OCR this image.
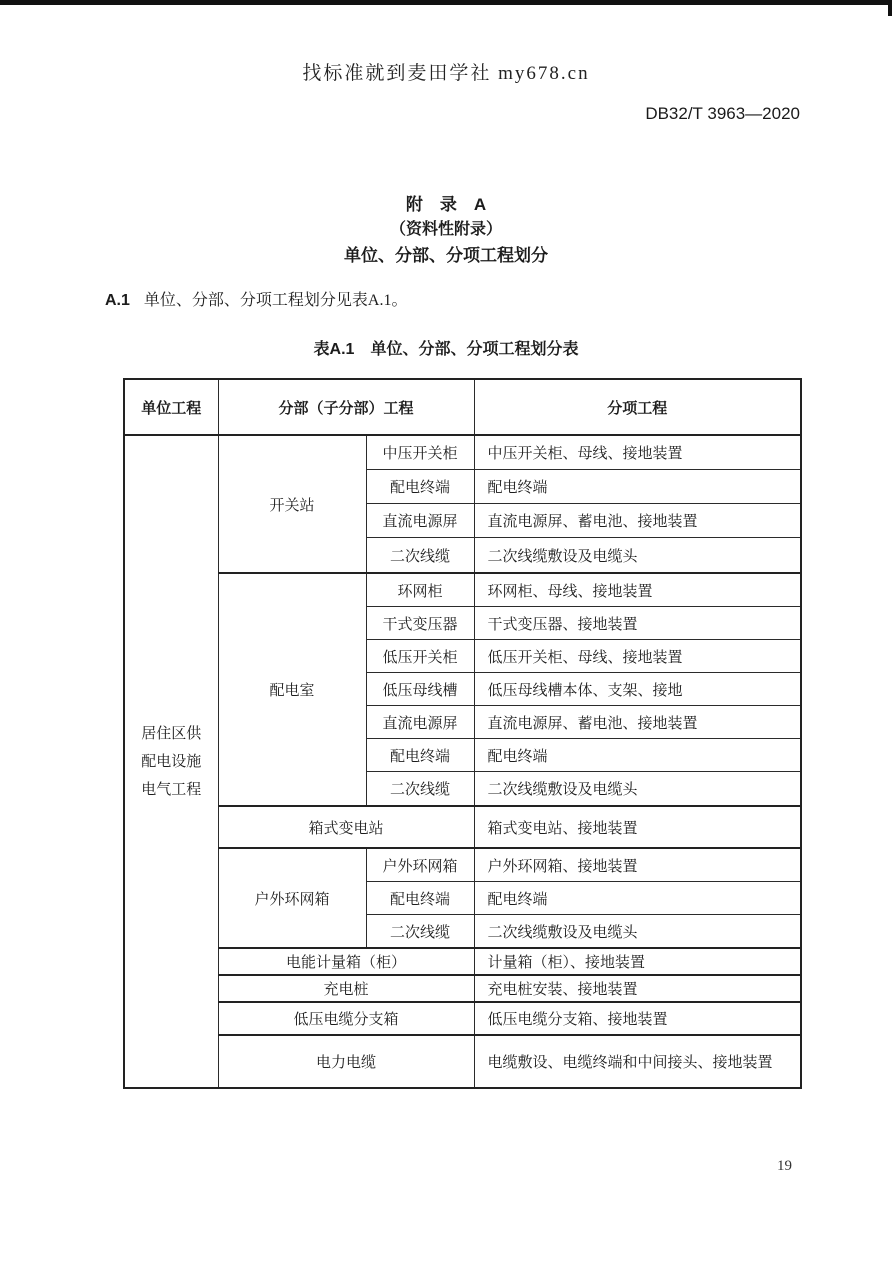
找标准就到麦田学社 my678.cn
DB32/T 3963—2020
附　录　A
（资料性附录）
单位、分部、分项工程划分
A.1 单位、分部、分项工程划分见表A.1。
表A.1　单位、分部、分项工程划分表
单位工程	分部（子分部）工程		分项工程
居住区供配电设施电气工程	开关站	中压开关柜	中压开关柜、母线、接地装置
		配电终端	配电终端
		直流电源屏	直流电源屏、蓄电池、接地装置
		二次线缆	二次线缆敷设及电缆头
	配电室	环网柜	环网柜、母线、接地装置
		干式变压器	干式变压器、接地装置
		低压开关柜	低压开关柜、母线、接地装置
		低压母线槽	低压母线槽本体、支架、接地
		直流电源屏	直流电源屏、蓄电池、接地装置
		配电终端	配电终端
		二次线缆	二次线缆敷设及电缆头
	箱式变电站		箱式变电站、接地装置
	户外环网箱	户外环网箱	户外环网箱、接地装置
		配电终端	配电终端
		二次线缆	二次线缆敷设及电缆头
	电能计量箱（柜）		计量箱（柜）、接地装置
	充电桩		充电桩安装、接地装置
	低压电缆分支箱		低压电缆分支箱、接地装置
	电力电缆		电缆敷设、电缆终端和中间接头、接地装置
19
